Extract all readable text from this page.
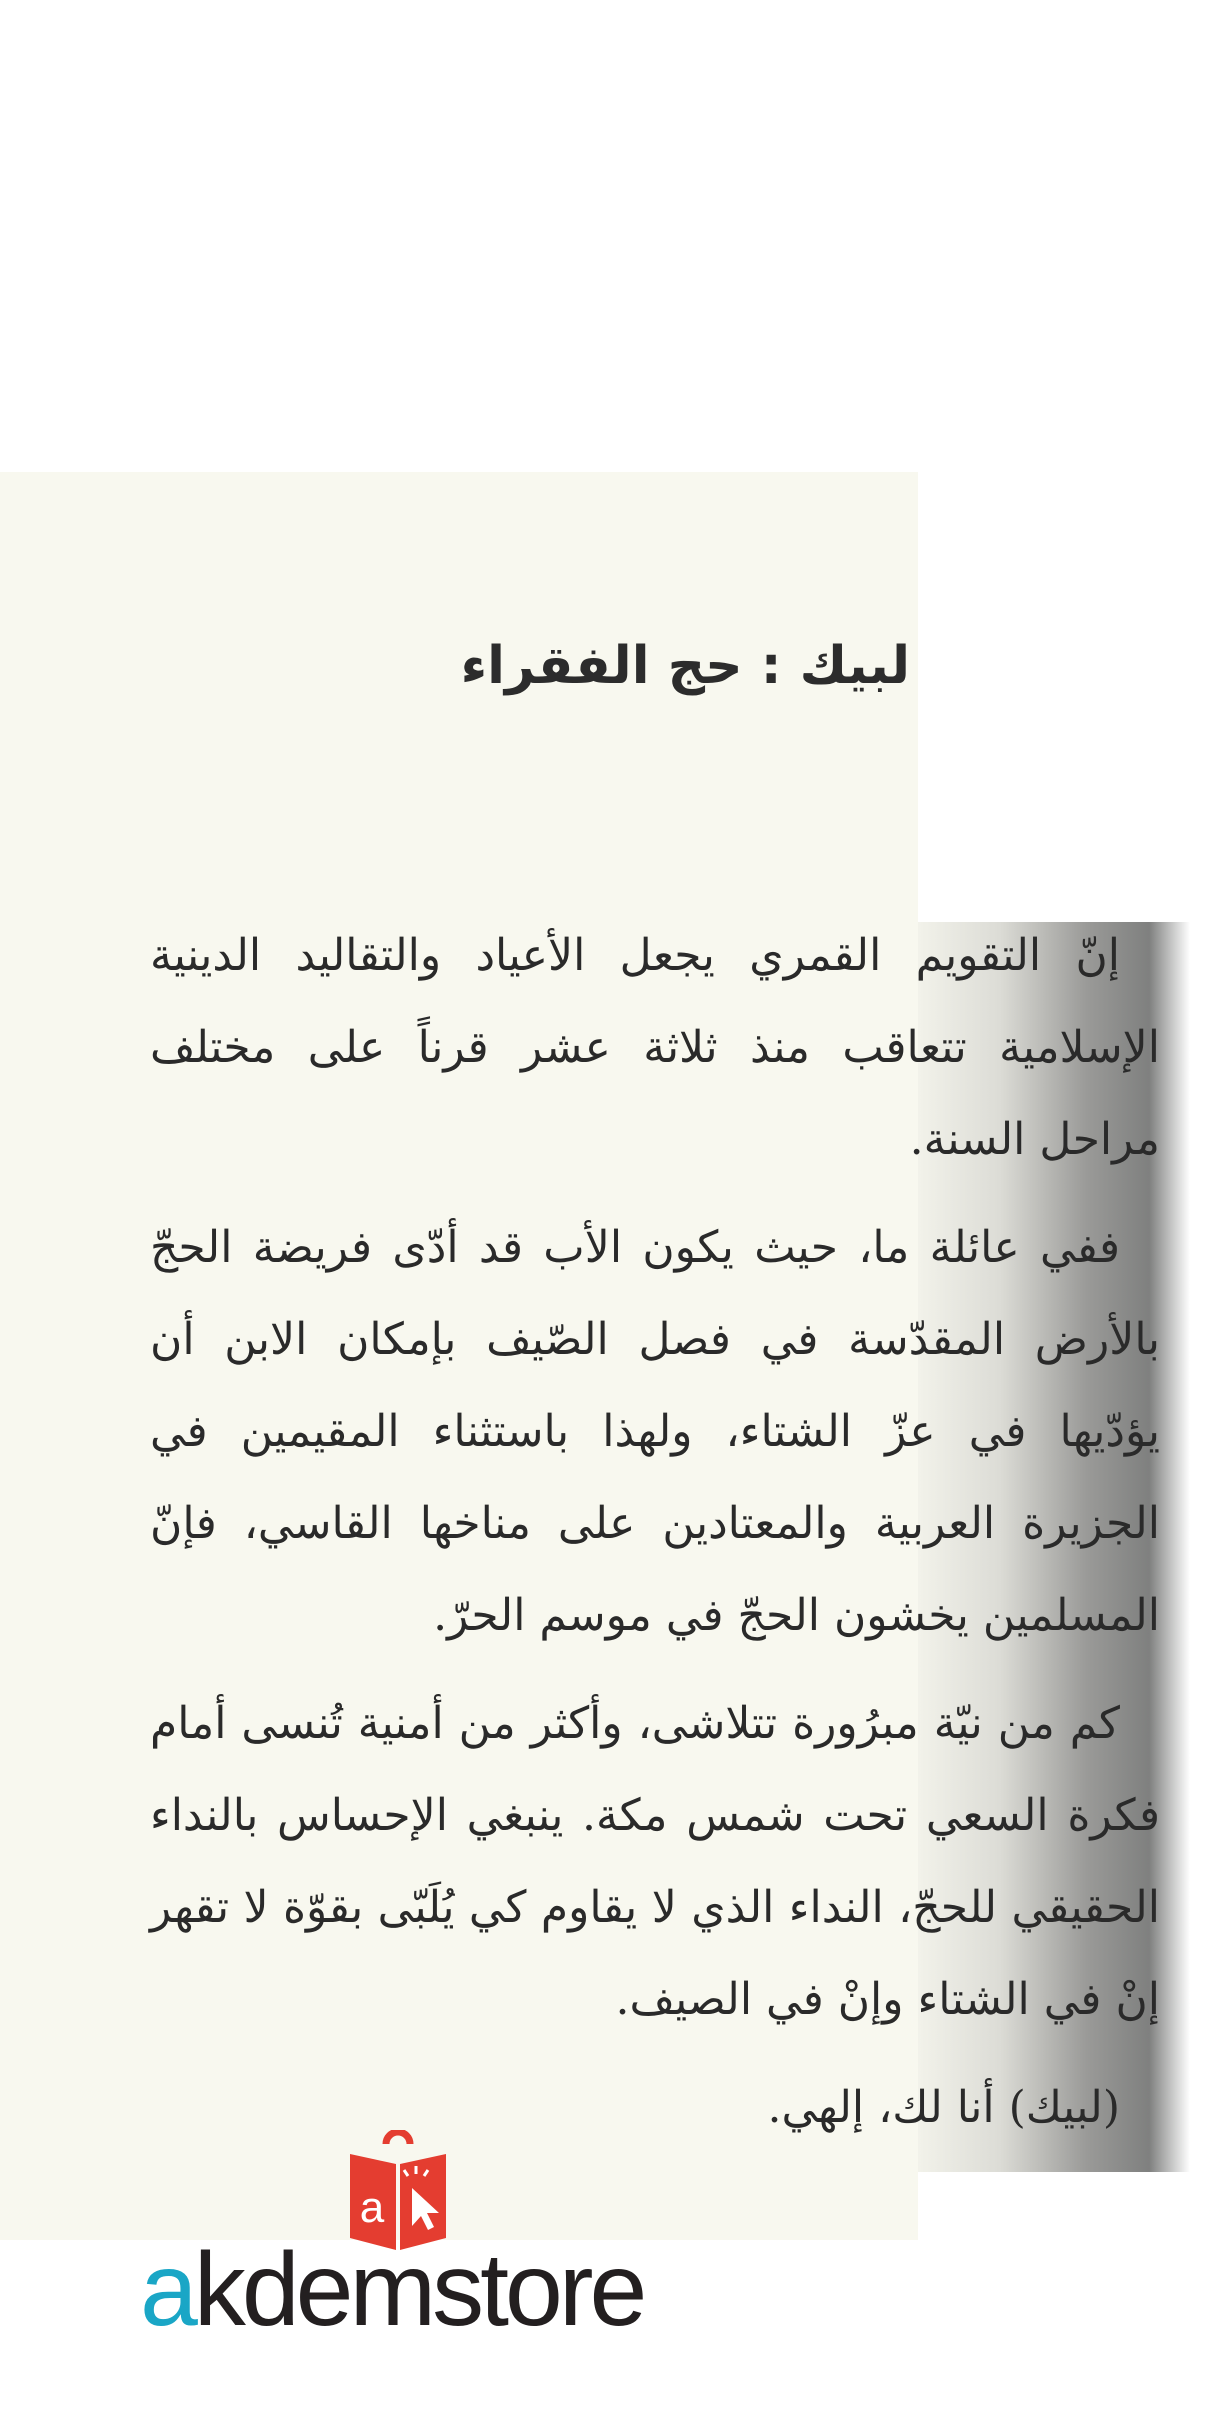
لبيك : حج الفقراء

إنّ التقويم القمري يجعل الأعياد والتقاليد الدينية الإسلامية تتعاقب منذ ثلاثة عشر قرناً على مختلف مراحل السنة.

ففي عائلة ما، حيث يكون الأب قد أدّى فريضة الحجّ بالأرض المقدّسة في فصل الصّيف بإمكان الابن أن يؤدّيها في عزّ الشتاء، ولهذا باستثناء المقيمين في الجزيرة العربية والمعتادين على مناخها القاسي، فإنّ المسلمين يخشون الحجّ في موسم الحرّ.

كم من نيّة مبرُورة تتلاشى، وأكثر من أمنية تُنسى أمام فكرة السعي تحت شمس مكة. ينبغي الإحساس بالنداء الحقيقي للحجّ، النداء الذي لا يقاوم كي يُلَبّى بقوّة لا تقهر إنْ في الشتاء وإنْ في الصيف.

(لبيك) أنا لك، إلهي.

a
akdemstore
